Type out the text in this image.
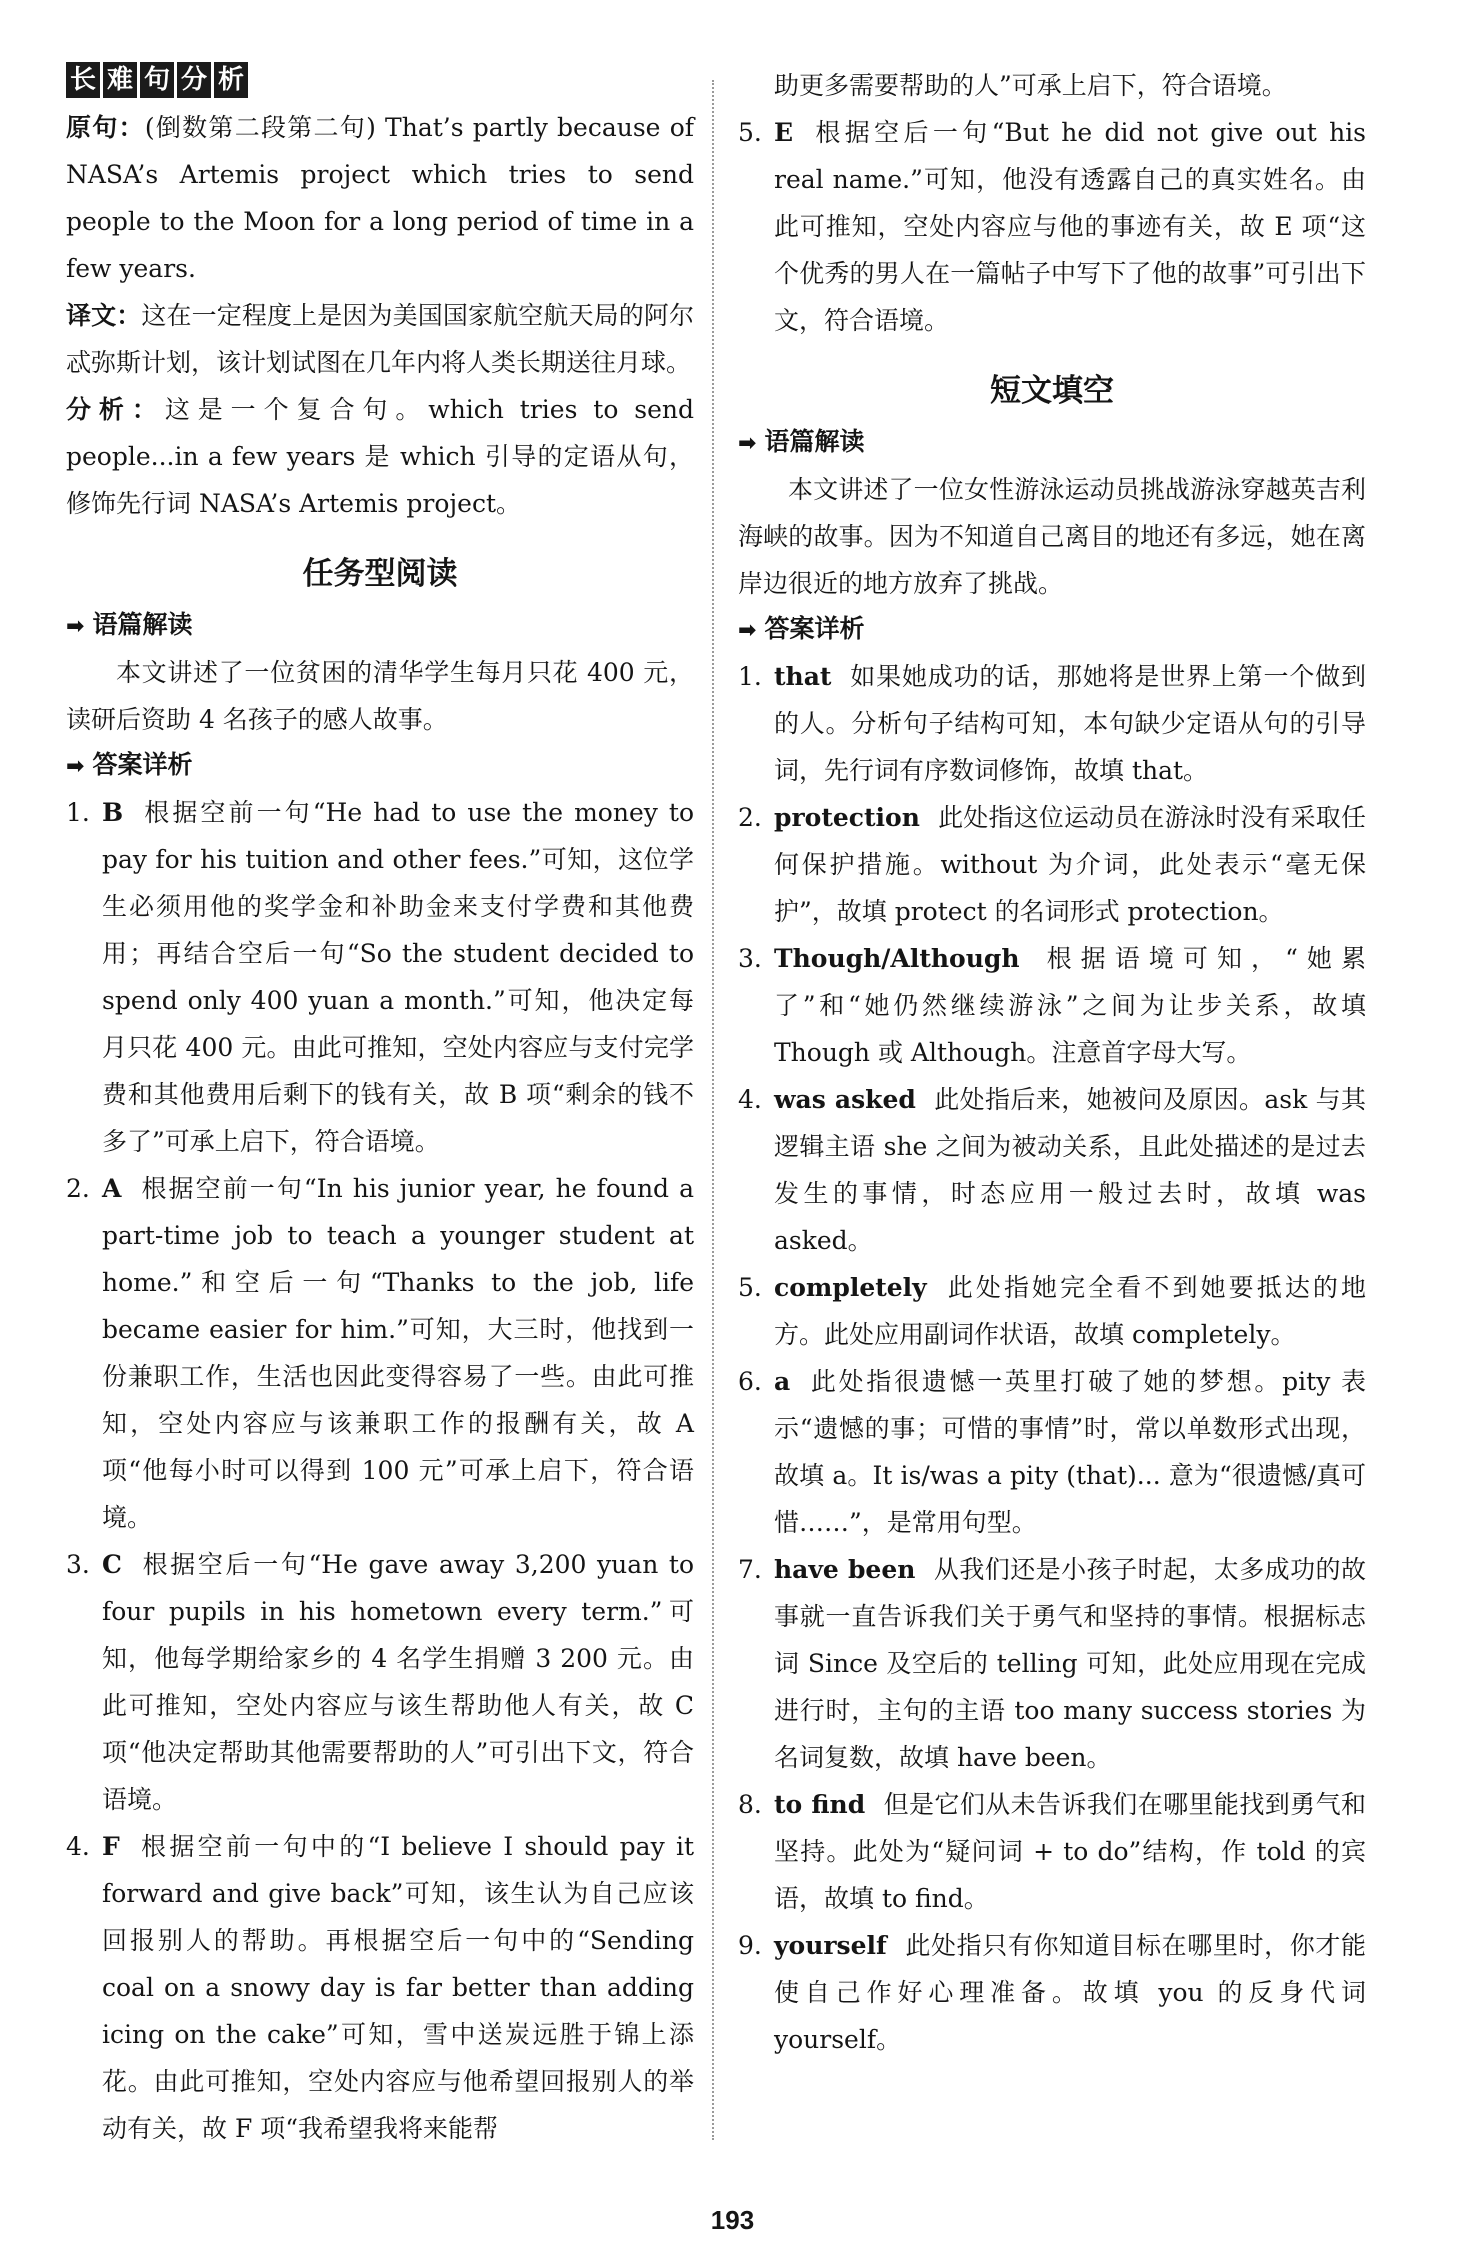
长 难 句 分 析

原句：(倒数第二段第二句) That’s partly because of NASA’s Artemis project which tries to send people to the Moon for a long period of time in a few years.

译文：这在一定程度上是因为美国国家航空航天局的阿尔忒弥斯计划，该计划试图在几年内将人类长期送往月球。

分析：这是一个复合句。which tries to send people...in a few years 是 which 引导的定语从句，修饰先行词 NASA’s Artemis project。

任务型阅读
➡ 语篇解读

本文讲述了一位贫困的清华学生每月只花 400 元，读研后资助 4 名孩子的感人故事。

➡ 答案详析

1. B 根据空前一句“He had to use the money to pay for his tuition and other fees.”可知，这位学生必须用他的奖学金和补助金来支付学费和其他费用；再结合空后一句“So the student decided to spend only 400 yuan a month.”可知，他决定每月只花 400 元。由此可推知，空处内容应与支付完学费和其他费用后剩下的钱有关，故 B 项“剩余的钱不多了”可承上启下，符合语境。

2. A 根据空前一句“In his junior year, he found a part-time job to teach a younger student at home.”和空后一句“Thanks to the job, life became easier for him.”可知，大三时，他找到一份兼职工作，生活也因此变得容易了一些。由此可推知，空处内容应与该兼职工作的报酬有关，故 A 项“他每小时可以得到 100 元”可承上启下，符合语境。

3. C 根据空后一句“He gave away 3,200 yuan to four pupils in his hometown every term.”可知，他每学期给家乡的 4 名学生捐赠 3 200 元。由此可推知，空处内容应与该生帮助他人有关，故 C 项“他决定帮助其他需要帮助的人”可引出下文，符合语境。

4. F 根据空前一句中的“I believe I should pay it forward and give back”可知，该生认为自己应该回报别人的帮助。再根据空后一句中的“Sending coal on a snowy day is far better than adding icing on the cake”可知，雪中送炭远胜于锦上添花。由此可推知，空处内容应与他希望回报别人的举动有关，故 F 项“我希望我将来能帮

助更多需要帮助的人”可承上启下，符合语境。

5. E 根据空后一句“But he did not give out his real name.”可知，他没有透露自己的真实姓名。由此可推知，空处内容应与他的事迹有关，故 E 项“这个优秀的男人在一篇帖子中写下了他的故事”可引出下文，符合语境。

短文填空
➡ 语篇解读

本文讲述了一位女性游泳运动员挑战游泳穿越英吉利海峡的故事。因为不知道自己离目的地还有多远，她在离岸边很近的地方放弃了挑战。

➡ 答案详析

1. that 如果她成功的话，那她将是世界上第一个做到的人。分析句子结构可知，本句缺少定语从句的引导词，先行词有序数词修饰，故填 that。

2. protection 此处指这位运动员在游泳时没有采取任何保护措施。without 为介词，此处表示“毫无保护”，故填 protect 的名词形式 protection。

3. Though/Although 根据语境可知，“她累了”和“她仍然继续游泳”之间为让步关系，故填 Though 或 Although。注意首字母大写。

4. was asked 此处指后来，她被问及原因。ask 与其逻辑主语 she 之间为被动关系，且此处描述的是过去发生的事情，时态应用一般过去时，故填 was asked。

5. completely 此处指她完全看不到她要抵达的地方。此处应用副词作状语，故填 completely。

6. a 此处指很遗憾一英里打破了她的梦想。pity 表示“遗憾的事；可惜的事情”时，常以单数形式出现，故填 a。It is/was a pity (that)... 意为“很遗憾/真可惜……”，是常用句型。

7. have been 从我们还是小孩子时起，太多成功的故事就一直告诉我们关于勇气和坚持的事情。根据标志词 Since 及空后的 telling 可知，此处应用现在完成进行时，主句的主语 too many success stories 为名词复数，故填 have been。

8. to find 但是它们从未告诉我们在哪里能找到勇气和坚持。此处为“疑问词 + to do”结构，作 told 的宾语，故填 to find。

9. yourself 此处指只有你知道目标在哪里时，你才能使自己作好心理准备。故填 you 的反身代词 yourself。

193
